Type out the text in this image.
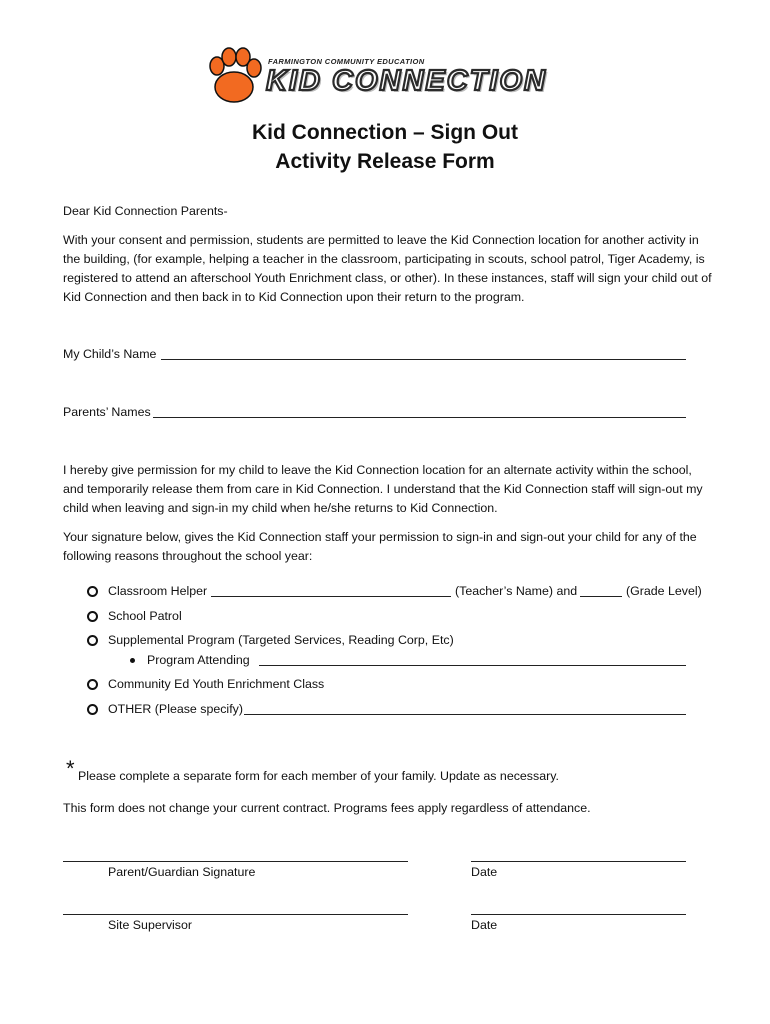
FARMINGTON COMMUNITY EDUCATION
KID CONNECTION
Kid Connection – Sign Out
Activity Release Form
Dear Kid Connection Parents-
With your consent and permission, students are permitted to leave the Kid Connection location for another activity in the building, (for example, helping a teacher in the classroom, participating in scouts, school patrol, Tiger Academy, is registered to attend an afterschool Youth Enrichment class, or other). In these instances, staff will sign your child out of Kid Connection and then back in to Kid Connection upon their return to the program.
My Child’s Name
Parents’ Names
I hereby give permission for my child to leave the Kid Connection location for an alternate activity within the school, and temporarily release them from care in Kid Connection. I understand that the Kid Connection staff will sign-out my child when leaving and sign-in my child when he/she returns to Kid Connection.
Your signature below, gives the Kid Connection staff your permission to sign-in and sign-out your child for any of the following reasons throughout the school year:
Classroom Helper	(Teacher’s Name) and	(Grade Level)
School Patrol
Supplemental Program (Targeted Services, Reading Corp, Etc)
Program Attending
Community Ed Youth Enrichment Class
OTHER (Please specify)
* Please complete a separate form for each member of your family. Update as necessary.
This form does not change your current contract. Programs fees apply regardless of attendance.
Parent/Guardian Signature	Date
Site Supervisor	Date
